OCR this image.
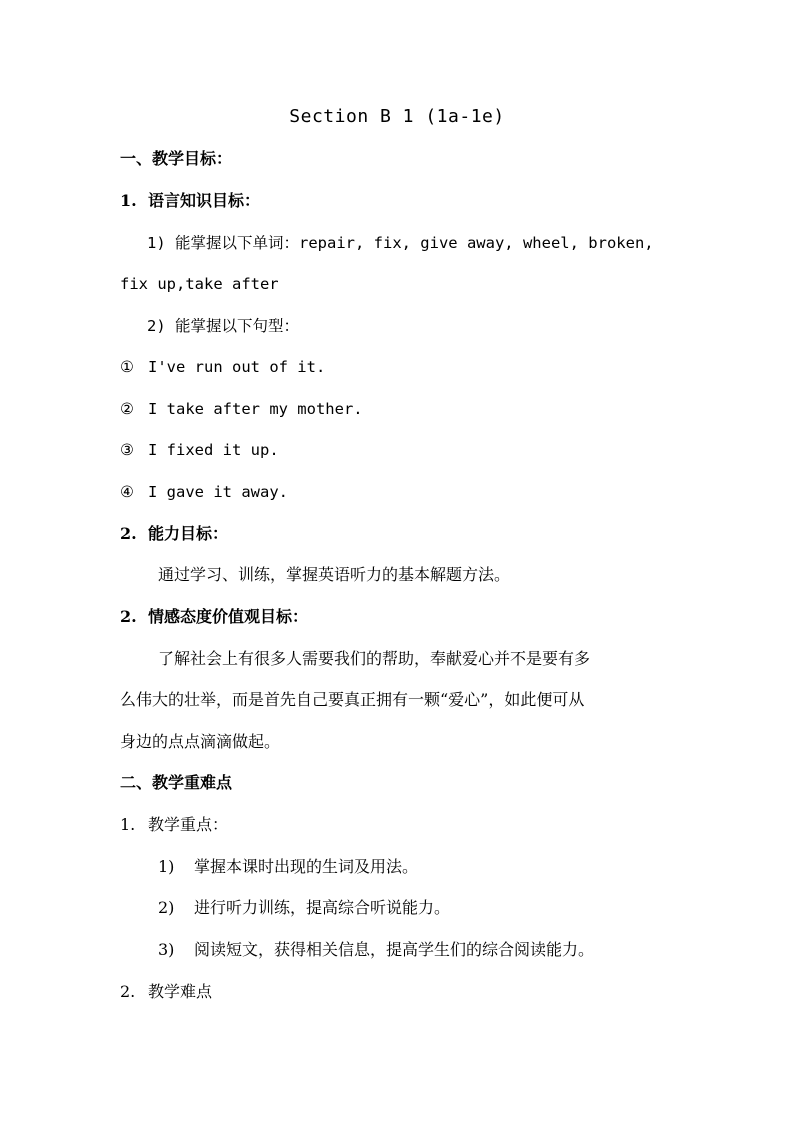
Section B 1 (1a-1e)

一、教学目标：

1. 语言知识目标：

1) 能掌握以下单词：repair, fix, give away, wheel, broken,

fix up,take after

2) 能掌握以下句型：

① I've run out of it.

② I take after my mother.

③ I fixed it up.

④ I gave it away.

2. 能力目标：

通过学习、训练，掌握英语听力的基本解题方法。

2. 情感态度价值观目标：

了解社会上有很多人需要我们的帮助，奉献爱心并不是要有多

么伟大的壮举，而是首先自己要真正拥有一颗“爱心”，如此便可从

身边的点点滴滴做起。

二、教学重难点

1. 教学重点：

1) 掌握本课时出现的生词及用法。

2) 进行听力训练，提高综合听说能力。

3) 阅读短文，获得相关信息，提高学生们的综合阅读能力。

2. 教学难点
